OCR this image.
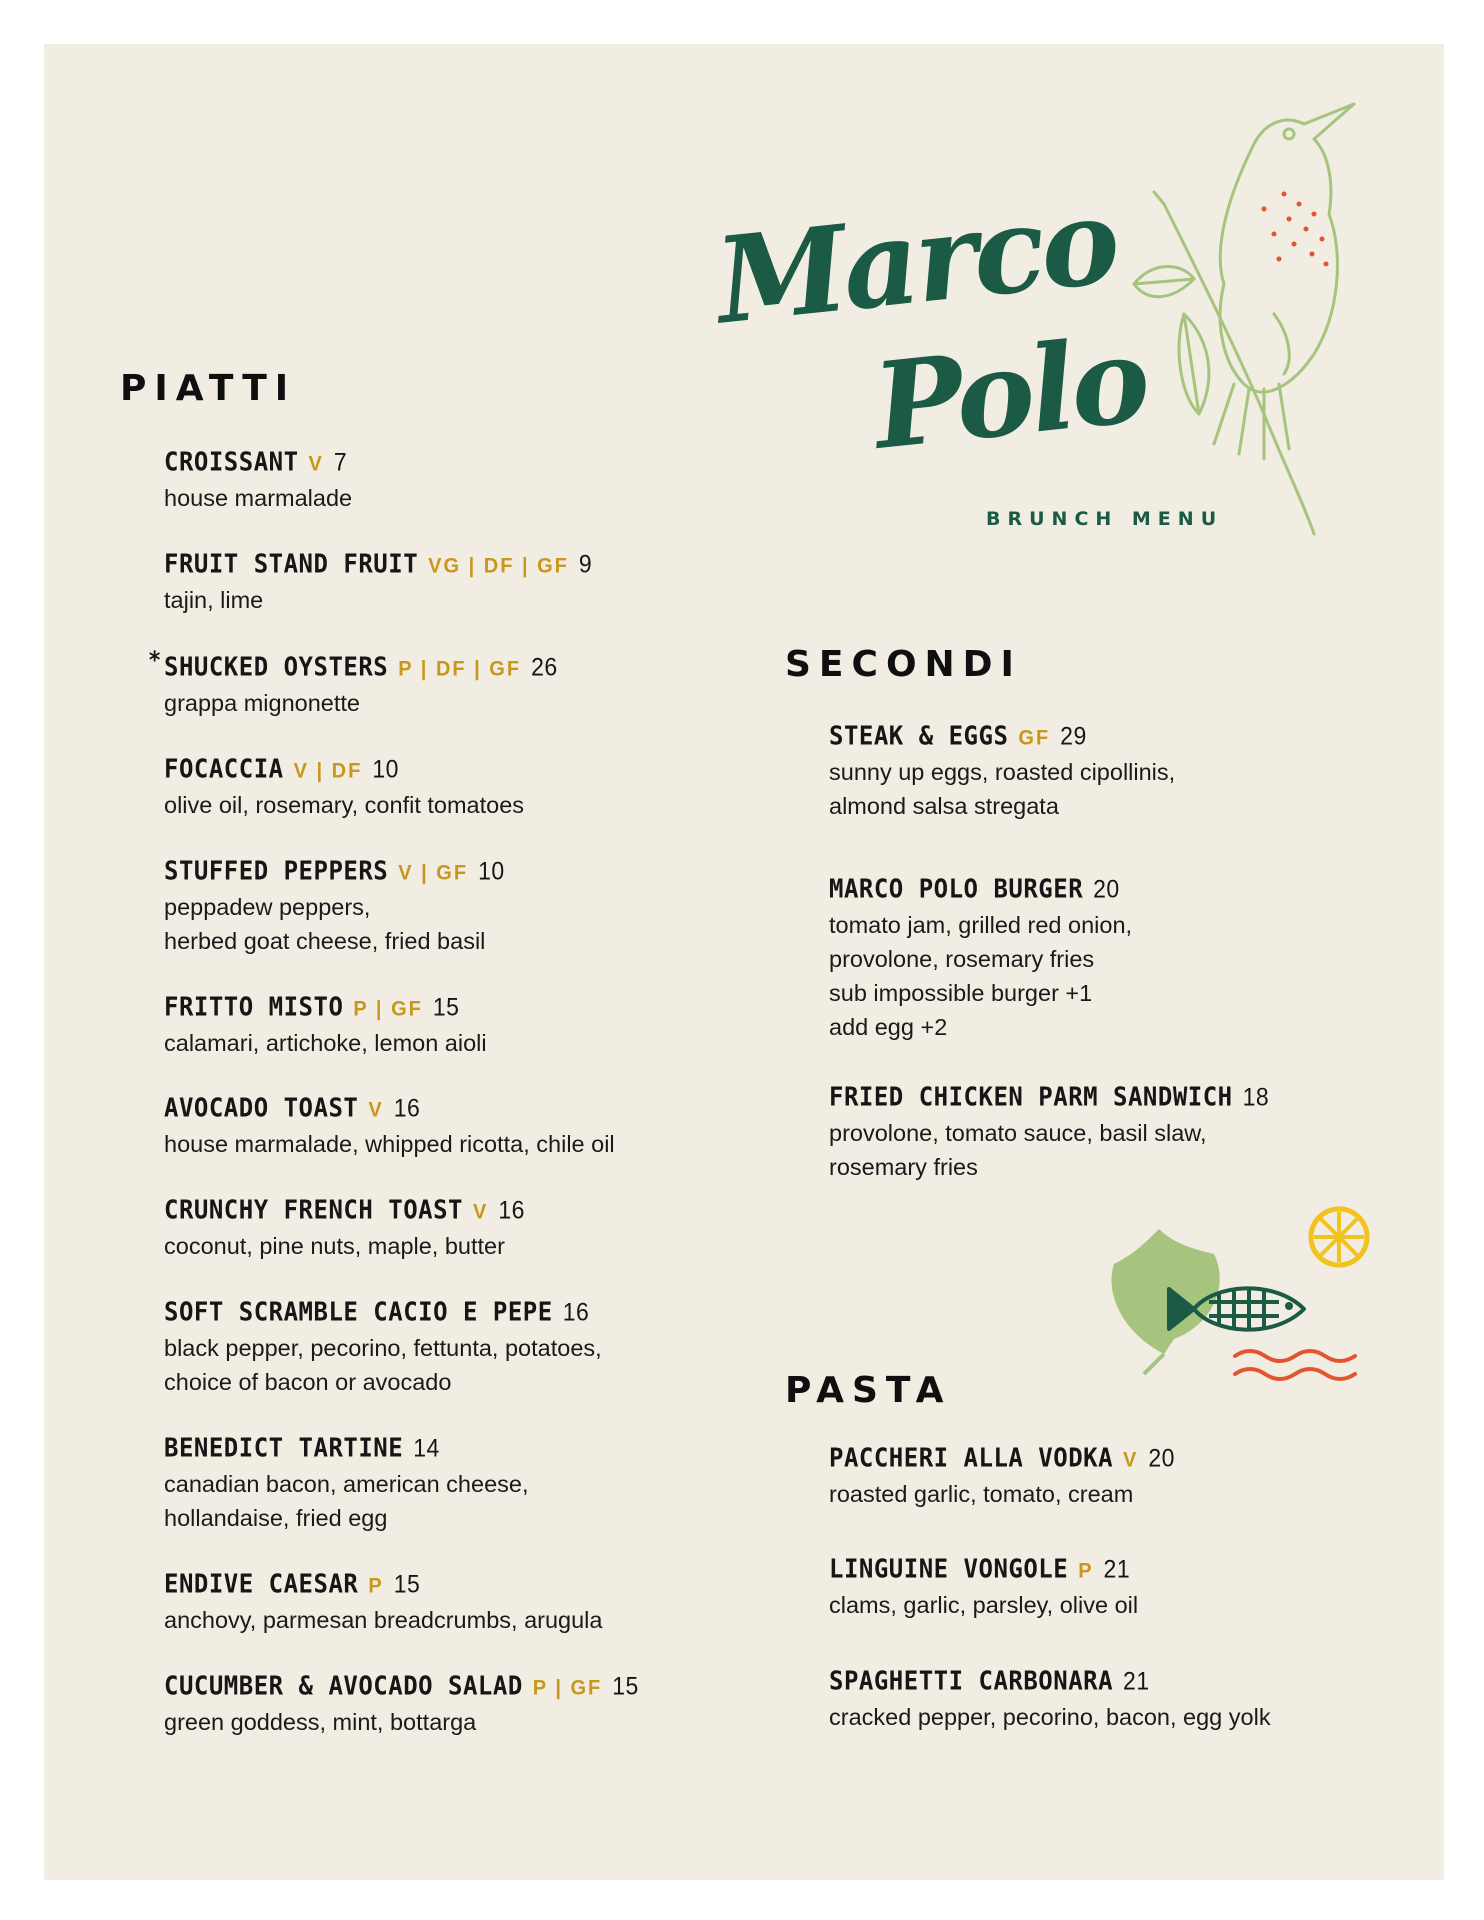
Marco
Polo
BRUNCH MENU
PIATTI
CROISSANT V 7
house marmalade
FRUIT STAND FRUIT VG | DF | GF 9
tajin, lime
* SHUCKED OYSTERS P | DF | GF 26
grappa mignonette
FOCACCIA V | DF 10
olive oil, rosemary, confit tomatoes
STUFFED PEPPERS V | GF 10
peppadew peppers,
herbed goat cheese, fried basil
FRITTO MISTO P | GF 15
calamari, artichoke, lemon aioli
AVOCADO TOAST V 16
house marmalade, whipped ricotta, chile oil
CRUNCHY FRENCH TOAST V 16
coconut, pine nuts, maple, butter
SOFT SCRAMBLE CACIO E PEPE 16
black pepper, pecorino, fettunta, potatoes,
choice of bacon or avocado
BENEDICT TARTINE 14
canadian bacon, american cheese,
hollandaise, fried egg
ENDIVE CAESAR P 15
anchovy, parmesan breadcrumbs, arugula
CUCUMBER & AVOCADO SALAD P | GF 15
green goddess, mint, bottarga
SECONDI
STEAK & EGGS GF 29
sunny up eggs, roasted cipollinis,
almond salsa stregata
MARCO POLO BURGER 20
tomato jam, grilled red onion,
provolone, rosemary fries
sub impossible burger +1
add egg +2
FRIED CHICKEN PARM SANDWICH 18
provolone, tomato sauce, basil slaw,
rosemary fries
PASTA
PACCHERI ALLA VODKA V 20
roasted garlic, tomato, cream
LINGUINE VONGOLE P 21
clams, garlic, parsley, olive oil
SPAGHETTI CARBONARA 21
cracked pepper, pecorino, bacon, egg yolk
